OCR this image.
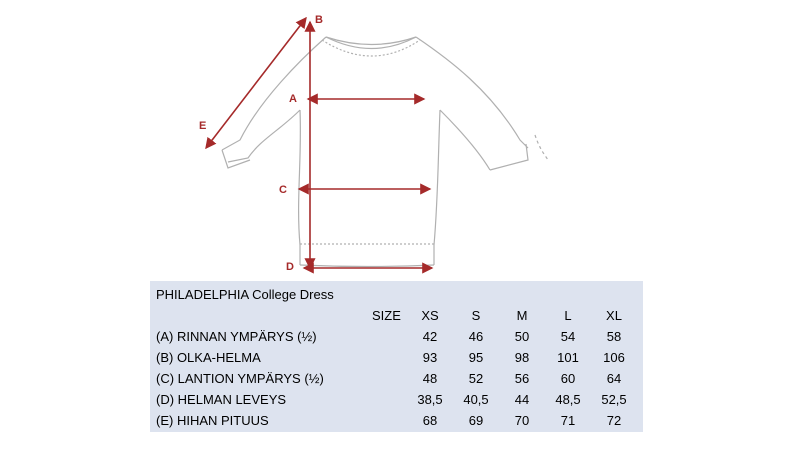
B
A
E
C
D
PHILADELPHIA College Dress
SIZE	XS	S	M	L	XL
(A) RINNAN YMPÄRYS (½)	42	46	50	54	58
(B) OLKA-HELMA	93	95	98	101	106
(C) LANTION YMPÄRYS (½)	48	52	56	60	64
(D) HELMAN LEVEYS	38,5	40,5	44	48,5	52,5
(E) HIHAN PITUUS	68	69	70	71	72
